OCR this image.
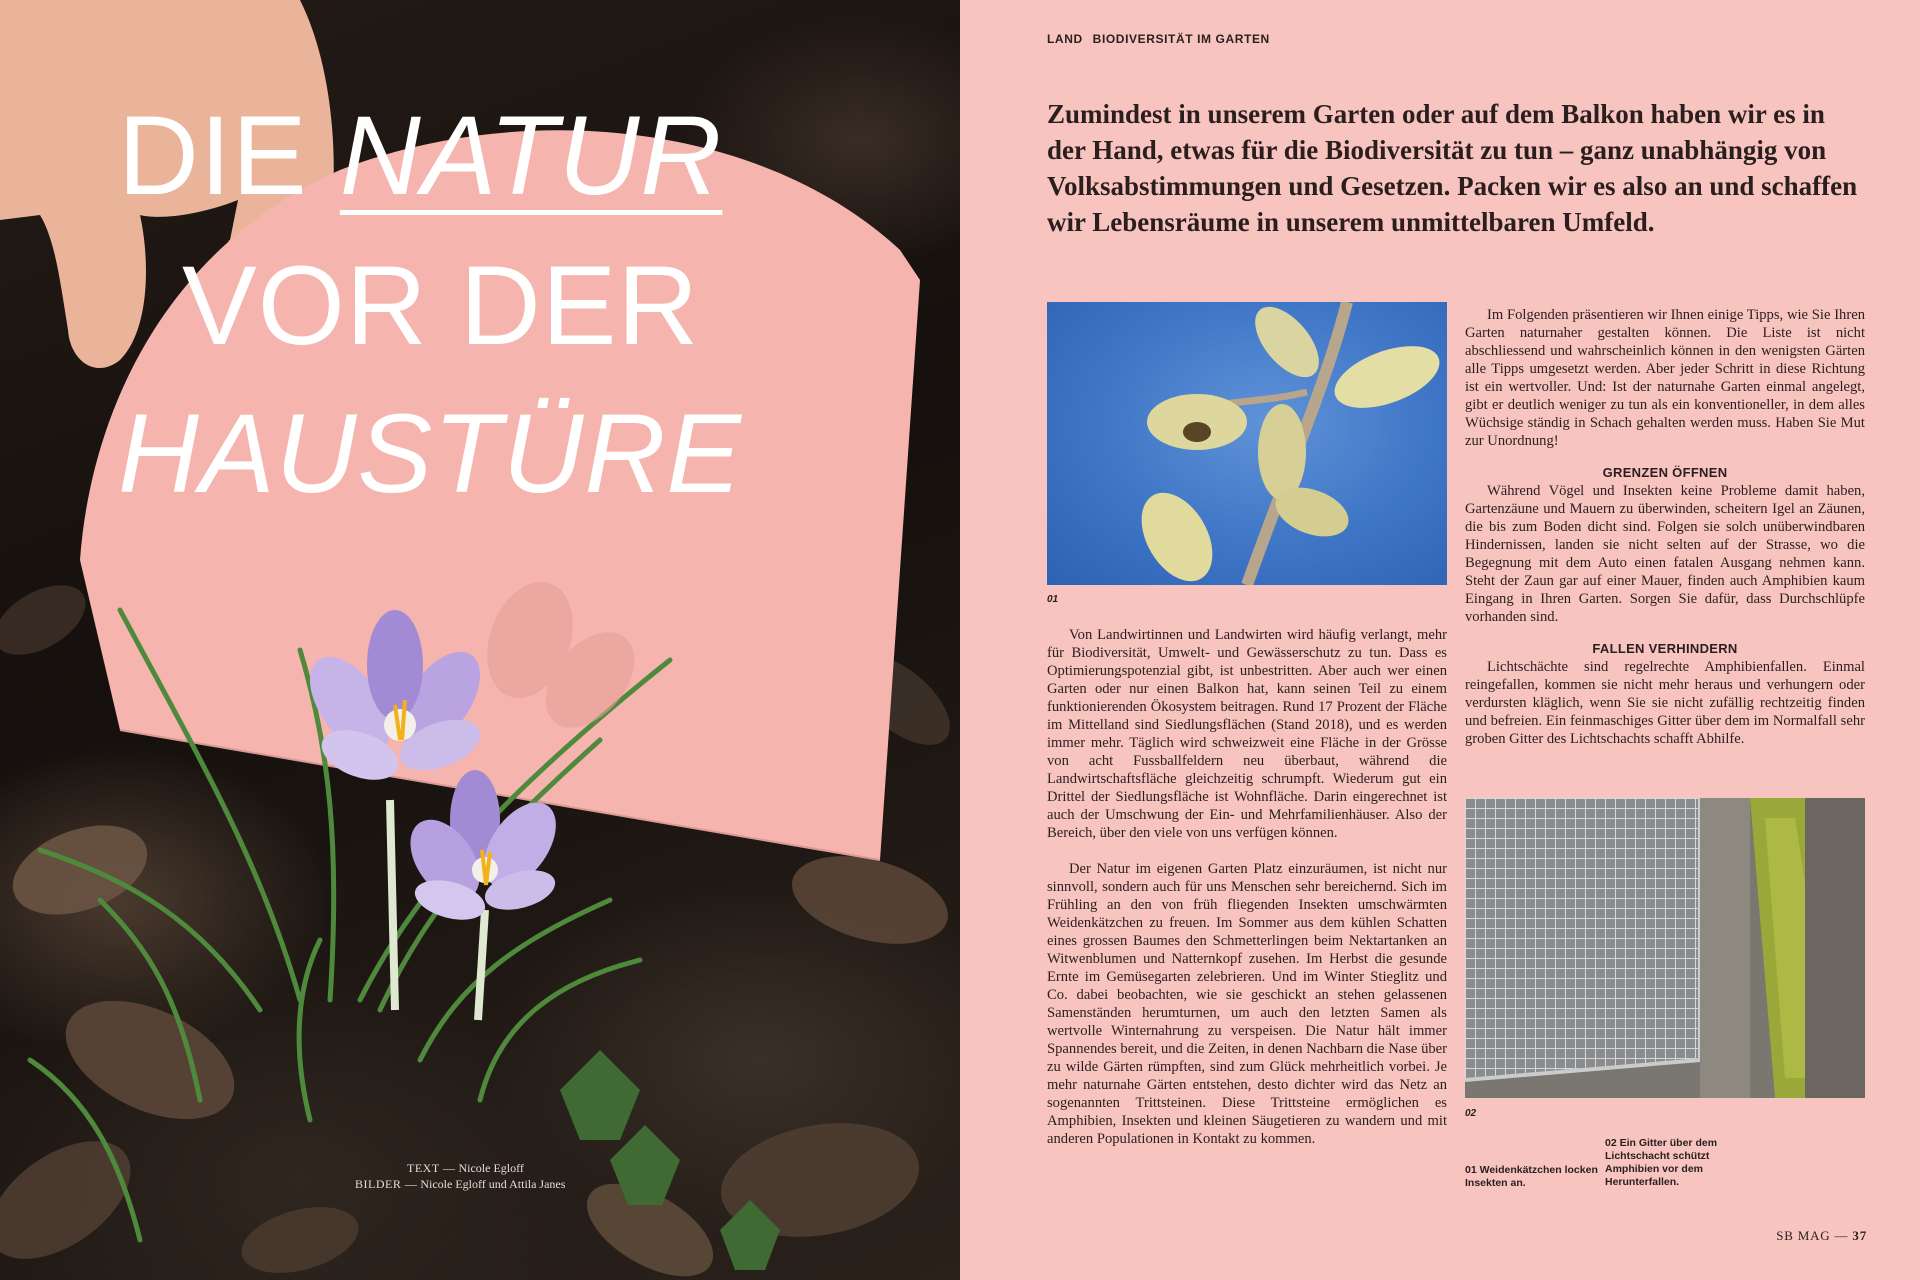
DIE NATUR
VOR DER
HAUSTÜRE
TEXT — Nicole Egloff
BILDER — Nicole Egloff und Attila Janes
LAND BIODIVERSITÄT IM GARTEN
Zumindest in unserem Garten oder auf dem Balkon haben wir es in der Hand, etwas für die Biodiversität zu tun – ganz unabhängig von Volksabstimmungen und Gesetzen. Packen wir es also an und schaffen wir Lebensräume in unserem unmittelbaren Umfeld.
01
02

Von Landwirtinnen und Landwirten wird häufig verlangt, mehr für Biodiversität, Umwelt- und Gewässerschutz zu tun. Dass es Optimierungspotenzial gibt, ist unbestritten. Aber auch wer einen Garten oder nur einen Balkon hat, kann seinen Teil zu einem funktionierenden Ökosystem beitragen. Rund 17 Prozent der Fläche im Mittelland sind Siedlungsflächen (Stand 2018), und es werden immer mehr. Täglich wird schweizweit eine Fläche in der Grösse von acht Fussballfeldern neu überbaut, während die Landwirtschaftsfläche gleichzeitig schrumpft. Wiederum gut ein Drittel der Siedlungsfläche ist Wohnfläche. Darin eingerechnet ist auch der Umschwung der Ein- und Mehrfamilienhäuser. Also der Bereich, über den viele von uns verfügen können.

Der Natur im eigenen Garten Platz einzuräumen, ist nicht nur sinnvoll, sondern auch für uns Menschen sehr bereichernd. Sich im Frühling an den von früh fliegenden Insekten umschwärmten Weidenkätzchen zu freuen. Im Sommer aus dem kühlen Schatten eines grossen Baumes den Schmetterlingen beim Nektartanken an Witwenblumen und Natternkopf zusehen. Im Herbst die gesunde Ernte im Gemüsegarten zelebrieren. Und im Winter Stieglitz und Co. dabei beobachten, wie sie geschickt an stehen gelassenen Samenständen herumturnen, um auch den letzten Samen als wertvolle Winternahrung zu verspeisen. Die Natur hält immer Spannendes bereit, und die Zeiten, in denen Nachbarn die Nase über zu wilde Gärten rümpften, sind zum Glück mehrheitlich vorbei. Je mehr naturnahe Gärten entstehen, desto dichter wird das Netz an sogenannten Trittsteinen. Diese Trittsteine ermöglichen es Amphibien, Insekten und kleinen Säugetieren zu wandern und mit anderen Populationen in Kontakt zu kommen.

Im Folgenden präsentieren wir Ihnen einige Tipps, wie Sie Ihren Garten naturnaher gestalten können. Die Liste ist nicht abschliessend und wahrscheinlich können in den wenigsten Gärten alle Tipps umgesetzt werden. Aber jeder Schritt in diese Richtung ist ein wertvoller. Und: Ist der naturnahe Garten einmal angelegt, gibt er deutlich weniger zu tun als ein konventioneller, in dem alles Wüchsige ständig in Schach gehalten werden muss. Haben Sie Mut zur Unordnung!

GRENZEN ÖFFNEN

Während Vögel und Insekten keine Probleme damit haben, Gartenzäune und Mauern zu überwinden, scheitern Igel an Zäunen, die bis zum Boden dicht sind. Folgen sie solch unüberwindbaren Hindernissen, landen sie nicht selten auf der Strasse, wo die Begegnung mit dem Auto einen fatalen Ausgang nehmen kann. Steht der Zaun gar auf einer Mauer, finden auch Amphibien kaum Eingang in Ihren Garten. Sorgen Sie dafür, dass Durchschlüpfe vorhanden sind.

FALLEN VERHINDERN

Lichtschächte sind regelrechte Amphibienfallen. Einmal reingefallen, kommen sie nicht mehr heraus und verhungern oder verdursten kläglich, wenn Sie sie nicht zufällig rechtzeitig finden und befreien. Ein feinmaschiges Gitter über dem im Normalfall sehr groben Gitter des Lichtschachts schafft Abhilfe.

01 Weidenkätzchen locken Insekten an.
02 Ein Gitter über dem Lichtschacht schützt Amphibien vor dem Herunterfallen.
SB MAG — 37
